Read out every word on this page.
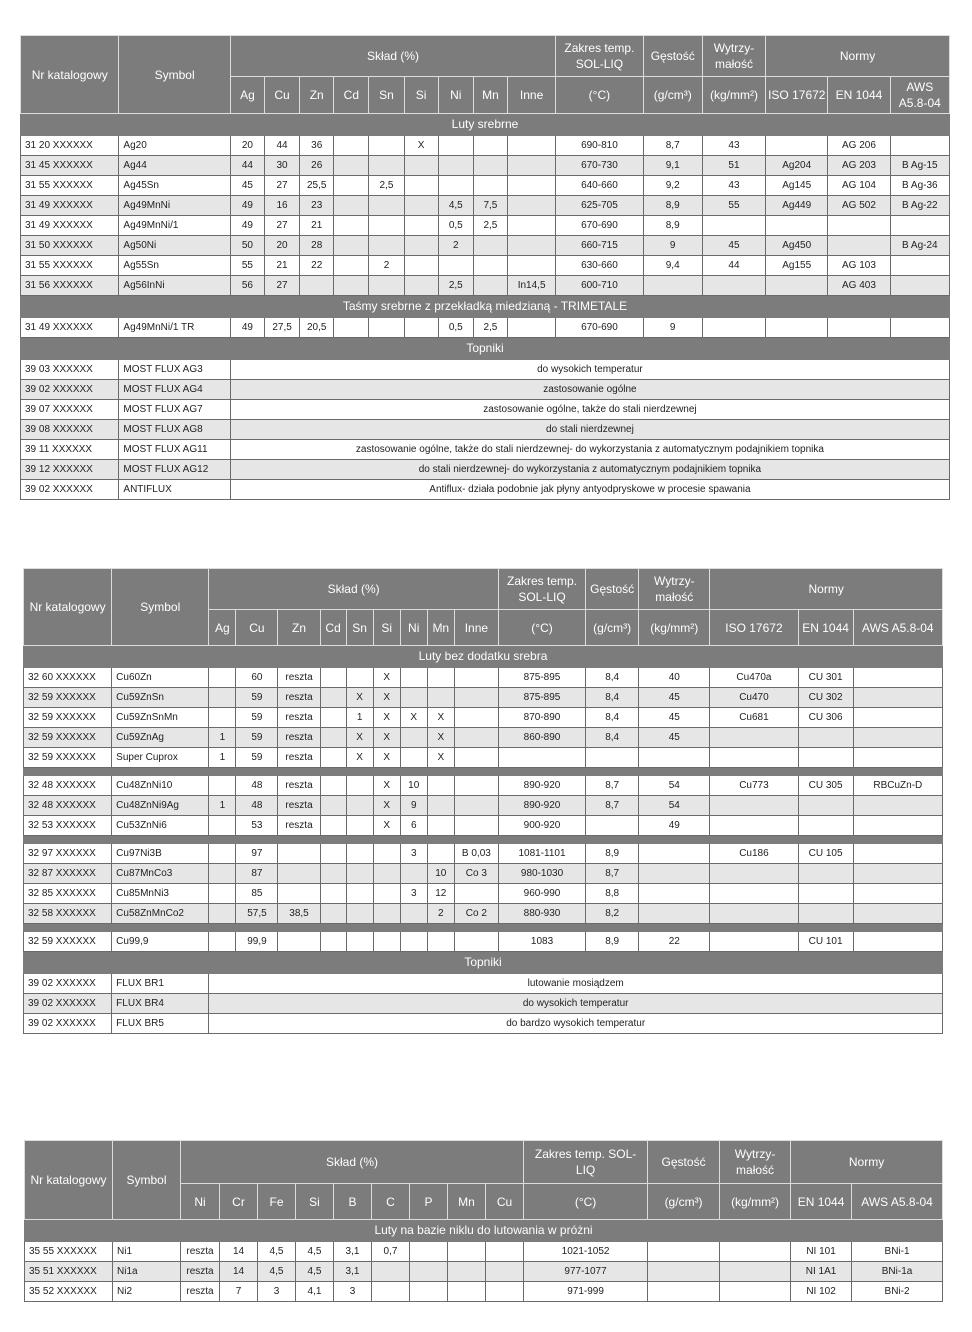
Nr katalogowy	Symbol	Skład (%)									Zakres temp. SOL-LIQ	Gęstość	Wytrzy- małość	Normy		
		Ag	Cu	Zn	Cd	Sn	Si	Ni	Mn	Inne	(°C)	(g/cm³)	(kg/mm²)	ISO 17672	EN 1044	AWS A5.8-04
Luty srebrne																
31 20 XXXXXX	Ag20	20	44	36			X				690-810	8,7	43		AG 206	
31 45 XXXXXX	Ag44	44	30	26							670-730	9,1	51	Ag204	AG 203	B Ag-15
31 55 XXXXXX	Ag45Sn	45	27	25,5		2,5					640-660	9,2	43	Ag145	AG 104	B Ag-36
31 49 XXXXXX	Ag49MnNi	49	16	23				4,5	7,5		625-705	8,9	55	Ag449	AG 502	B Ag-22
31 49 XXXXXX	Ag49MnNi/1	49	27	21				0,5	2,5		670-690	8,9				
31 50 XXXXXX	Ag50Ni	50	20	28				2			660-715	9	45	Ag450		B Ag-24
31 55 XXXXXX	Ag55Sn	55	21	22		2					630-660	9,4	44	Ag155	AG 103	
31 56 XXXXXX	Ag56InNi	56	27					2,5		In14,5	600-710				AG 403	
Taśmy srebrne z przekładką miedzianą - TRIMETALE																
31 49 XXXXXX	Ag49MnNi/1 TR	49	27,5	20,5				0,5	2,5		670-690	9				
Topniki																
39 03 XXXXXX	MOST FLUX AG3	do wysokich temperatur														
39 02 XXXXXX	MOST FLUX AG4	zastosowanie ogólne														
39 07 XXXXXX	MOST FLUX AG7	zastosowanie ogólne, także do stali nierdzewnej														
39 08 XXXXXX	MOST FLUX AG8	do stali nierdzewnej														
39 11 XXXXXX	MOST FLUX AG11	zastosowanie ogólne, także do stali nierdzewnej- do wykorzystania z automatycznym podajnikiem topnika														
39 12 XXXXXX	MOST FLUX AG12	do stali nierdzewnej- do wykorzystania z automatycznym podajnikiem topnika														
39 02 XXXXXX	ANTIFLUX	Antiflux- działa podobnie jak płyny antyodpryskowe w procesie spawania														
Nr katalogowy	Symbol	Skład (%)									Zakres temp. SOL-LIQ	Gęstość	Wytrzy- małość	Normy		
		Ag	Cu	Zn	Cd	Sn	Si	Ni	Mn	Inne	(°C)	(g/cm³)	(kg/mm²)	ISO 17672	EN 1044	AWS A5.8-04
Luty bez dodatku srebra																
32 60 XXXXXX	Cu60Zn		60	reszta			X				875-895	8,4	40	Cu470a	CU 301	
32 59 XXXXXX	Cu59ZnSn		59	reszta		X	X				875-895	8,4	45	Cu470	CU 302	
32 59 XXXXXX	Cu59ZnSnMn		59	reszta		1	X	X	X		870-890	8,4	45	Cu681	CU 306	
32 59 XXXXXX	Cu59ZnAg	1	59	reszta		X	X		X		860-890	8,4	45			
32 59 XXXXXX	Super Cuprox	1	59	reszta		X	X		X							

32 48 XXXXXX	Cu48ZnNi10		48	reszta			X	10			890-920	8,7	54	Cu773	CU 305	RBCuZn-D
32 48 XXXXXX	Cu48ZnNi9Ag	1	48	reszta			X	9			890-920	8,7	54			
32 53 XXXXXX	Cu53ZnNi6		53	reszta			X	6			900-920		49			

32 97 XXXXXX	Cu97Ni3B		97					3		B 0,03	1081-1101	8,9		Cu186	CU 105	
32 87 XXXXXX	Cu87MnCo3		87						10	Co 3	980-1030	8,7				
32 85 XXXXXX	Cu85MnNi3		85					3	12		960-990	8,8				
32 58 XXXXXX	Cu58ZnMnCo2		57,5	38,5					2	Co 2	880-930	8,2				

32 59 XXXXXX	Cu99,9		99,9								1083	8,9	22		CU 101	
Topniki																
39 02 XXXXXX	FLUX BR1	lutowanie mosiądzem														
39 02 XXXXXX	FLUX BR4	do wysokich temperatur														
39 02 XXXXXX	FLUX BR5	do bardzo wysokich temperatur														
Nr katalogowy	Symbol	Skład (%)									Zakres temp. SOL-LIQ	Gęstość	Wytrzy- małość	Normy	
		Ni	Cr	Fe	Si	B	C	P	Mn	Cu	(°C)	(g/cm³)	(kg/mm²)	EN 1044	AWS A5.8-04
Luty na bazie niklu do lutowania w próżni															
35 55 XXXXXX	Ni1	reszta	14	4,5	4,5	3,1	0,7				1021-1052			NI 101	BNi-1
35 51 XXXXXX	Ni1a	reszta	14	4,5	4,5	3,1					977-1077			NI 1A1	BNi-1a
35 52 XXXXXX	Ni2	reszta	7	3	4,1	3					971-999			NI 102	BNi-2
